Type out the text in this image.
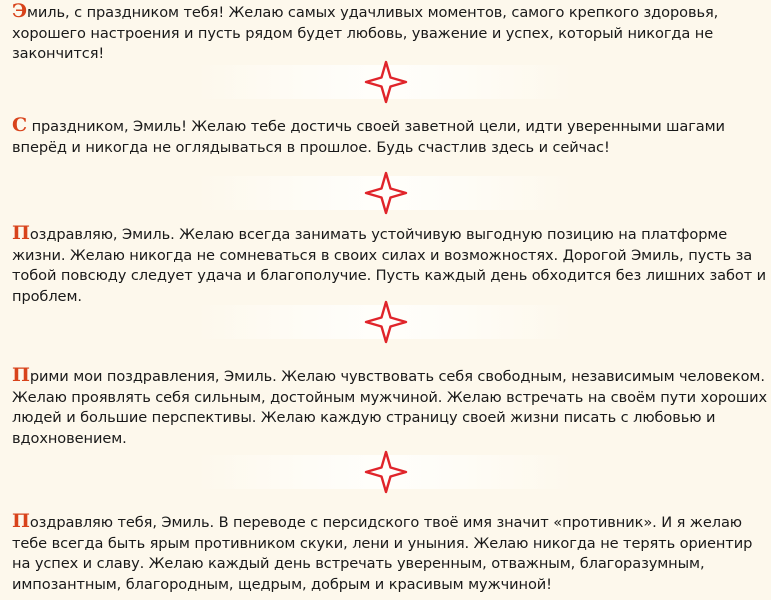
Эмиль, с праздником тебя! Желаю самых удачливых моментов, самого крепкого здоровья, хорошего настроения и пусть рядом будет любовь, уважение и успех, который никогда не закончится!

С праздником, Эмиль! Желаю тебе достичь своей заветной цели, идти уверенными шагами вперёд и никогда не оглядываться в прошлое. Будь счастлив здесь и сейчас!

Поздравляю, Эмиль. Желаю всегда занимать устойчивую выгодную позицию на платформе жизни. Желаю никогда не сомневаться в своих силах и возможностях. Дорогой Эмиль, пусть за тобой повсюду следует удача и благополучие. Пусть каждый день обходится без лишних забот и проблем.

Прими мои поздравления, Эмиль. Желаю чувствовать себя свободным, независимым человеком. Желаю проявлять себя сильным, достойным мужчиной. Желаю встречать на своём пути хороших людей и большие перспективы. Желаю каждую страницу своей жизни писать с любовью и вдохновением.

Поздравляю тебя, Эмиль. В переводе с персидского твоё имя значит «противник». И я желаю тебе всегда быть ярым противником скуки, лени и уныния. Желаю никогда не терять ориентир на успех и славу. Желаю каждый день встречать уверенным, отважным, благоразумным, импозантным, благородным, щедрым, добрым и красивым мужчиной!
